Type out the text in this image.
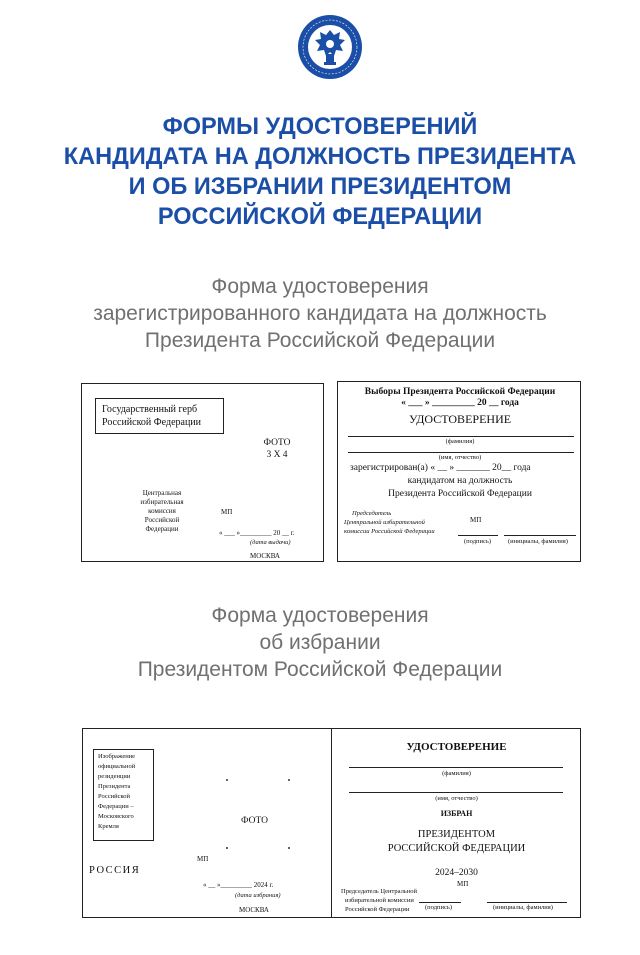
ФОРМЫ УДОСТОВЕРЕНИЙ
КАНДИДАТА НА ДОЛЖНОСТЬ ПРЕЗИДЕНТА
И ОБ ИЗБРАНИИ ПРЕЗИДЕНТОМ
РОССИЙСКОЙ ФЕДЕРАЦИИ
Форма удостоверения
зарегистрированного кандидата на должность
Президента Российской Федерации
Государственный герб
Российской Федерации
ФОТО
3 Х 4
Центральная
избирательная
комиссия
Российской
Федерации
МП
« ___ »_________ 20 __ г.
(дата выдачи)
МОСКВА
Выборы Президента Российской Федерации
« ___ » _________ 20 __ года
УДОСТОВЕРЕНИЕ
(фамилия)
(имя, отчество)
зарегистрирован(а) « __ » _______ 20__ года
кандидатом на должность
Президента Российской Федерации
Председатель
Центральной избирательной
комиссии Российской Федерации
МП
(подпись)	(инициалы, фамилия)
Форма удостоверения
об избрании
Президентом Российской Федерации
Изображение
официальной
резиденции
Президента
Российской
Федерации –
Московского
Кремля
ФОТО
РОССИЯ
МП
« __ »_________ 2024 г.
(дата избрания)
МОСКВА
УДОСТОВЕРЕНИЕ
(фамилия)
(имя, отчество)
ИЗБРАН
ПРЕЗИДЕНТОМ
РОССИЙСКОЙ ФЕДЕРАЦИИ
2024–2030
МП
Председатель Центральной
избирательной комиссии
Российской Федерации (подпись)	(инициалы, фамилия)
